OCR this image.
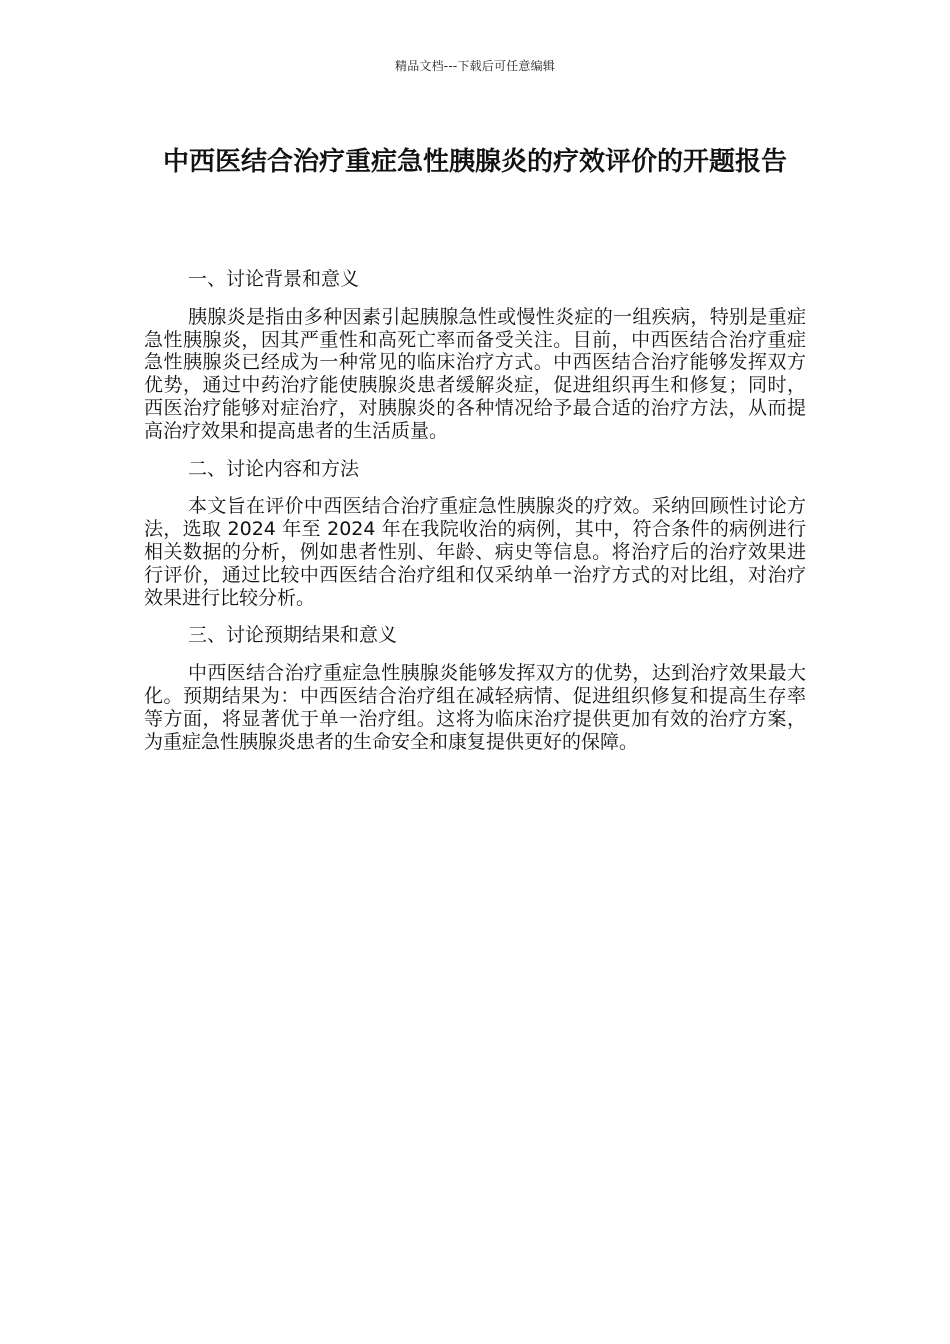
精品文档---下载后可任意编辑
中西医结合治疗重症急性胰腺炎的疗效评价的开题报告
一、讨论背景和意义

胰腺炎是指由多种因素引起胰腺急性或慢性炎症的一组疾病，特别是重症急性胰腺炎，因其严重性和高死亡率而备受关注。目前，中西医结合治疗重症急性胰腺炎已经成为一种常见的临床治疗方式。中西医结合治疗能够发挥双方优势，通过中药治疗能使胰腺炎患者缓解炎症，促进组织再生和修复；同时，西医治疗能够对症治疗，对胰腺炎的各种情况给予最合适的治疗方法，从而提高治疗效果和提高患者的生活质量。

二、讨论内容和方法

本文旨在评价中西医结合治疗重症急性胰腺炎的疗效。采纳回顾性讨论方法，选取 2024 年至 2024 年在我院收治的病例，其中，符合条件的病例进行相关数据的分析，例如患者性别、年龄、病史等信息。将治疗后的治疗效果进行评价，通过比较中西医结合治疗组和仅采纳单一治疗方式的对比组，对治疗效果进行比较分析。

三、讨论预期结果和意义

中西医结合治疗重症急性胰腺炎能够发挥双方的优势，达到治疗效果最大化。预期结果为：中西医结合治疗组在减轻病情、促进组织修复和提高生存率等方面，将显著优于单一治疗组。这将为临床治疗提供更加有效的治疗方案，为重症急性胰腺炎患者的生命安全和康复提供更好的保障。
